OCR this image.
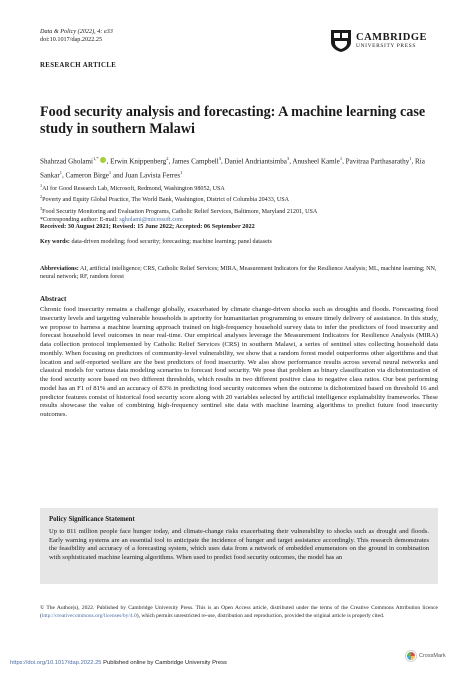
Data & Policy (2022), 4: e33
doi:10.1017/dap.2022.25	CAMBRIDGE
UNIVERSITY PRESS
RESEARCH ARTICLE
Food security analysis and forecasting: A machine learning case study in southern Malawi
Shahrzad Gholami$^{1,*}$ , Erwin Knippenberg$^2$, James Campbell$^3$, Daniel Andriantsimba$^3$, Anusheel Kamle$^1$, Pavitraa Parthasarathy$^1$, Ria Sankar$^1$, Cameron Birge$^1$ and Juan Lavista Ferres$^1$
$^1$AI for Good Research Lab, Microsoft, Redmond, Washington 98052, USA
$^2$Poverty and Equity Global Practice, The World Bank, Washington, District of Columbia 20433, USA
$^3$Food Security Monitoring and Evaluation Programs, Catholic Relief Services, Baltimore, Maryland 21201, USA
*Corresponding author: E-mail: sgholami@microsoft.com
Received: 30 August 2021; Revised: 15 June 2022; Accepted: 06 September 2022
Key words: data-driven modeling; food security; forecasting; machine learning; panel datasets
Abbreviations: AI, artificial intelligence; CRS, Catholic Relief Services; MIRA, Measurement Indicators for the Resilience Analysis; ML, machine learning; NN, neural network; RF, random forest
Abstract

Chronic food insecurity remains a challenge globally, exacerbated by climate change-driven shocks such as droughts and floods. Forecasting food insecurity levels and targeting vulnerable households is apriority for humanitarian programming to ensure timely delivery of assistance. In this study, we propose to harness a machine learning approach trained on high-frequency household survey data to infer the predictors of food insecurity and forecast household level outcomes in near real-time. Our empirical analyses leverage the Measurement Indicators for Resilience Analysis (MIRA) data collection protocol implemented by Catholic Relief Services (CRS) in southern Malawi, a series of sentinel sites collecting household data monthly. When focusing on predictors of community-level vulnerability, we show that a random forest model outperforms other algorithms and that location and self-reported welfare are the best predictors of food insecurity. We also show performance results across several neural networks and classical models for various data modeling scenarios to forecast food security. We pose that problem as binary classification via dichotomization of the food security score based on two different thresholds, which results in two different positive class to negative class ratios. Our best performing model has an F1 of 81% and an accuracy of 83% in predicting food security outcomes when the outcome is dichotomized based on threshold 16 and predictor features consist of historical food security score along with 20 variables selected by artificial intelligence explainability frameworks. These results showcase the value of combining high-frequency sentinel site data with machine learning algorithms to predict future food insecurity outcomes.

Policy Significance Statement

Up to 811 million people face hunger today, and climate-change risks exacerbating their vulnerability to shocks such as drought and floods. Early warning systems are an essential tool to anticipate the incidence of hunger and target assistance accordingly. This research demonstrates the feasibility and accuracy of a forecasting system, which uses data from a network of embedded enumerators on the ground in combination with sophisticated machine learning algorithms. When used to predict food security outcomes, the model has an

© The Author(s), 2022. Published by Cambridge University Press. This is an Open Access article, distributed under the terms of the Creative Commons Attribution licence (http://creativecommons.org/licenses/by/4.0), which permits unrestricted re-use, distribution and reproduction, provided the original article is properly cited.
https://doi.org/10.1017/dap.2022.25 Published online by Cambridge University Press
CrossMark
